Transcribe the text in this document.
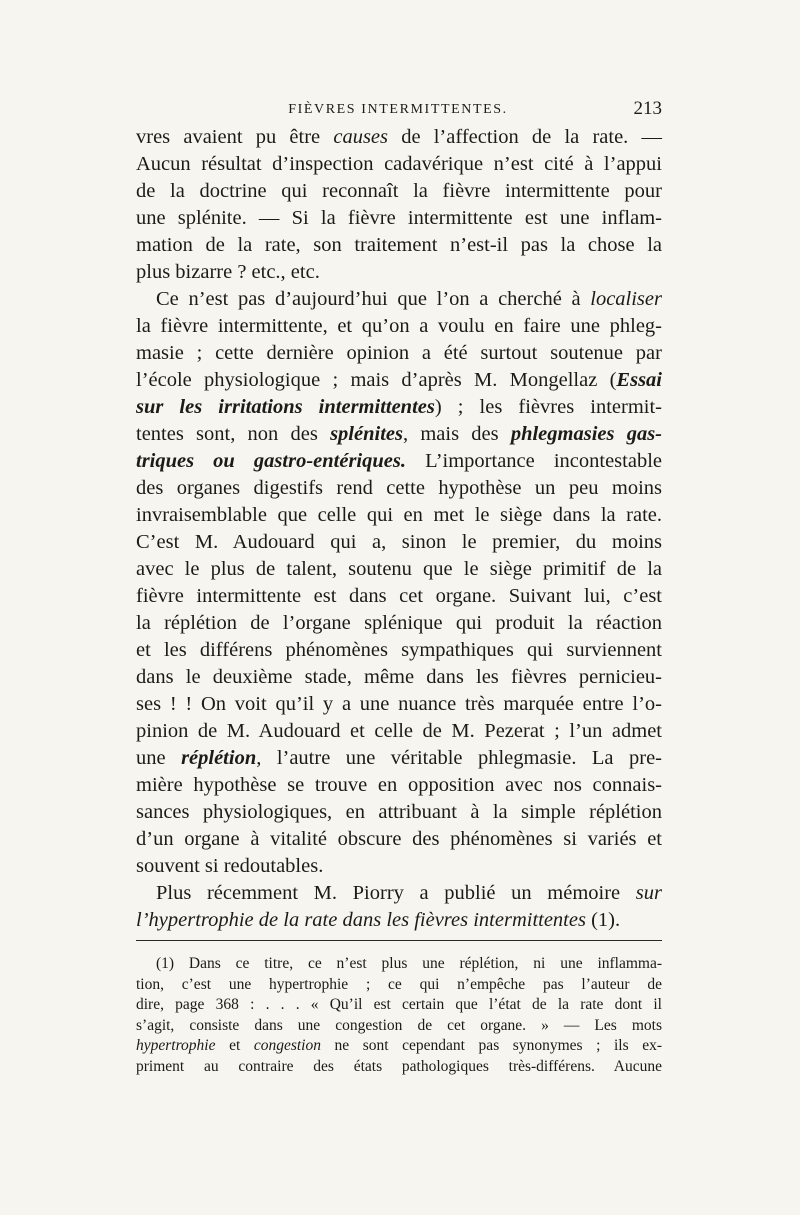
FIÈVRES INTERMITTENTES.	213
vres avaient pu être causes de l’affection de la rate. —
Aucun résultat d’inspection cadavérique n’est cité à l’appui
de la doctrine qui reconnaît la fièvre intermittente pour
une splénite. — Si la fièvre intermittente est une inflam-
mation de la rate, son traitement n’est-il pas la chose la
plus bizarre ? etc., etc.
Ce n’est pas d’aujourd’hui que l’on a cherché à localiser
la fièvre intermittente, et qu’on a voulu en faire une phleg-
masie ; cette dernière opinion a été surtout soutenue par
l’école physiologique ; mais d’après M. Mongellaz (Essai
sur les irritations intermittentes) ; les fièvres intermit-
tentes sont, non des splénites, mais des phlegmasies gas-
triques ou gastro-entériques. L’importance incontestable
des organes digestifs rend cette hypothèse un peu moins
invraisemblable que celle qui en met le siège dans la rate.
C’est M. Audouard qui a, sinon le premier, du moins
avec le plus de talent, soutenu que le siège primitif de la
fièvre intermittente est dans cet organe. Suivant lui, c’est
la réplétion de l’organe splénique qui produit la réaction
et les différens phénomènes sympathiques qui surviennent
dans le deuxième stade, même dans les fièvres pernicieu-
ses ! ! On voit qu’il y a une nuance très marquée entre l’o-
pinion de M. Audouard et celle de M. Pezerat ; l’un admet
une réplétion, l’autre une véritable phlegmasie. La pre-
mière hypothèse se trouve en opposition avec nos connais-
sances physiologiques, en attribuant à la simple réplétion
d’un organe à vitalité obscure des phénomènes si variés et
souvent si redoutables.
Plus récemment M. Piorry a publié un mémoire sur
l’hypertrophie de la rate dans les fièvres intermittentes (1).
(1) Dans ce titre, ce n’est plus une réplétion, ni une inflamma-
tion, c’est une hypertrophie ; ce qui n’empêche pas l’auteur de
dire, page 368 : . . . « Qu’il est certain que l’état de la rate dont il
s’agit, consiste dans une congestion de cet organe. » — Les mots
hypertrophie et congestion ne sont cependant pas synonymes ; ils ex-
priment au contraire des états pathologiques très-différens. Aucune
